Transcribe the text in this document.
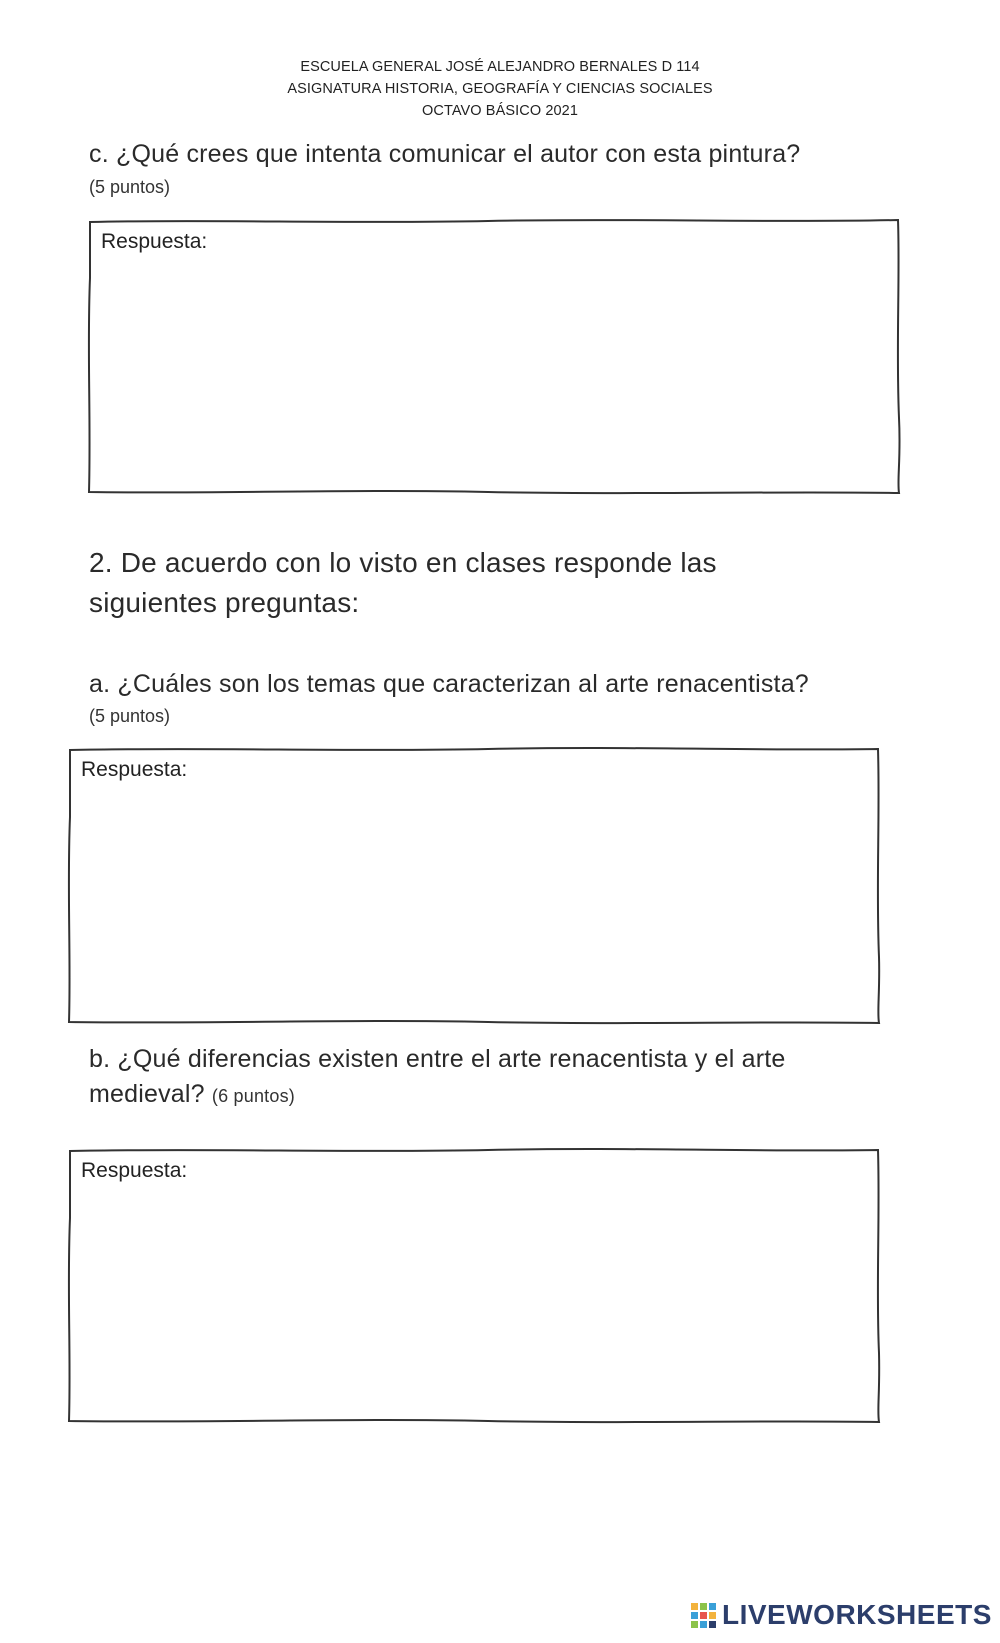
ESCUELA GENERAL JOSÉ ALEJANDRO BERNALES D 114
ASIGNATURA HISTORIA, GEOGRAFÍA Y CIENCIAS SOCIALES
OCTAVO BÁSICO 2021
c. ¿Qué crees que intenta comunicar el autor con esta pintura?
(5 puntos)
Respuesta:
2. De acuerdo con lo visto en clases responde las
siguientes preguntas:
a. ¿Cuáles son los temas que caracterizan al arte renacentista?
(5 puntos)
Respuesta:
b. ¿Qué diferencias existen entre el arte renacentista y el arte
medieval? (6 puntos)
Respuesta:
LIVEWORKSHEETS
